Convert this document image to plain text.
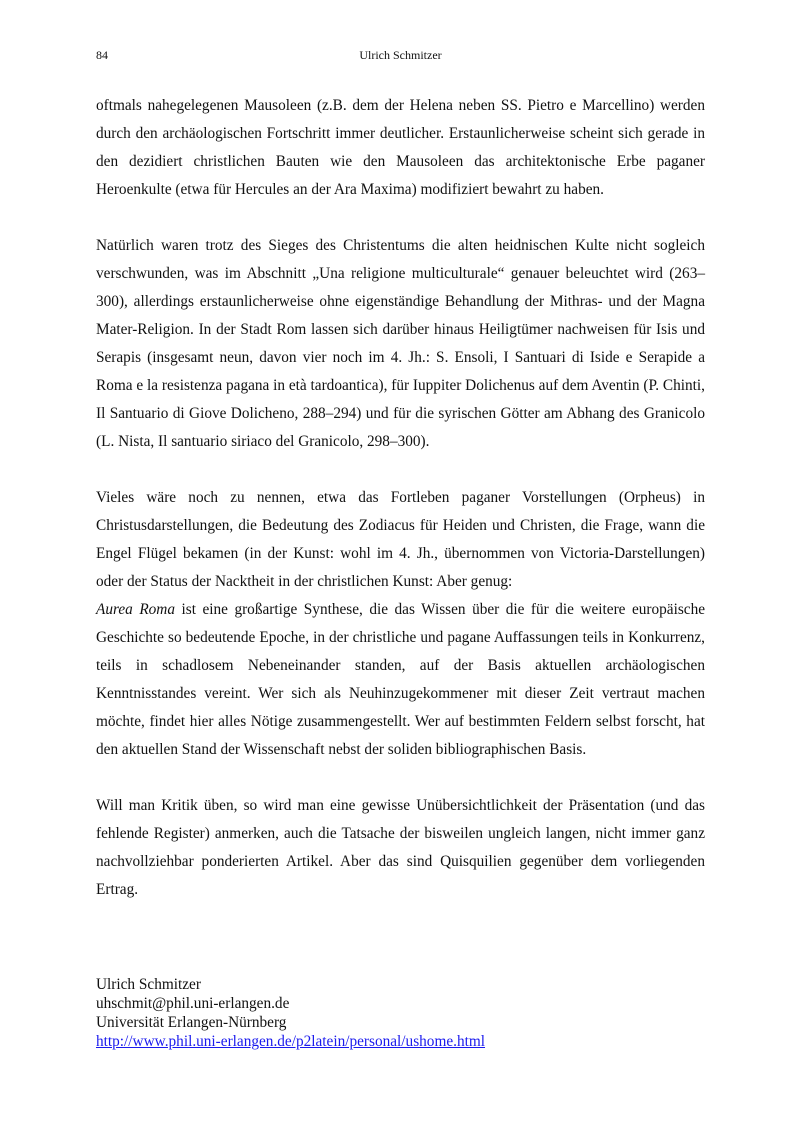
84	Ulrich Schmitzer

oftmals nahegelegenen Mausoleen (z.B. dem der Helena neben SS. Pietro e Marcellino) werden durch den archäologischen Fortschritt immer deutlicher. Erstaunlicherweise scheint sich gerade in den dezidiert christlichen Bauten wie den Mausoleen das architektonische Erbe paganer Heroenkulte (etwa für Hercules an der Ara Maxima) modifiziert bewahrt zu haben.

Natürlich waren trotz des Sieges des Christentums die alten heidnischen Kulte nicht sogleich verschwunden, was im Abschnitt „Una religione multiculturale“ genauer beleuchtet wird (263–300), allerdings erstaunlicherweise ohne eigenständige Behandlung der Mithras- und der Magna Mater-Religion. In der Stadt Rom lassen sich darüber hinaus Heiligtümer nachweisen für Isis und Serapis (insgesamt neun, davon vier noch im 4. Jh.: S. Ensoli, I Santuari di Iside e Serapide a Roma e la resistenza pagana in età tardoantica), für Iuppiter Dolichenus auf dem Aventin (P. Chinti, Il Santuario di Giove Dolicheno, 288–294) und für die syrischen Götter am Abhang des Granicolo (L. Nista, Il santuario siriaco del Granicolo, 298–300).

Vieles wäre noch zu nennen, etwa das Fortleben paganer Vorstellungen (Orpheus) in Christusdarstellungen, die Bedeutung des Zodiacus für Heiden und Christen, die Frage, wann die Engel Flügel bekamen (in der Kunst: wohl im 4. Jh., übernommen von Victoria-Darstellungen) oder der Status der Nacktheit in der christlichen Kunst: Aber genug:

Aurea Roma ist eine großartige Synthese, die das Wissen über die für die weitere europäische Geschichte so bedeutende Epoche, in der christliche und pagane Auffassungen teils in Konkurrenz, teils in schadlosem Nebeneinander standen, auf der Basis aktuellen archäologischen Kenntnisstandes vereint. Wer sich als Neuhinzugekommener mit dieser Zeit vertraut machen möchte, findet hier alles Nötige zusammengestellt. Wer auf bestimmten Feldern selbst forscht, hat den aktuellen Stand der Wissenschaft nebst der soliden bibliographischen Basis.

Will man Kritik üben, so wird man eine gewisse Unübersichtlichkeit der Präsentation (und das fehlende Register) anmerken, auch die Tatsache der bisweilen ungleich langen, nicht immer ganz nachvollziehbar ponderierten Artikel. Aber das sind Quisquilien gegenüber dem vorliegenden Ertrag.

Ulrich Schmitzer
uhschmit@phil.uni-erlangen.de
Universität Erlangen-Nürnberg
http://www.phil.uni-erlangen.de/p2latein/personal/ushome.html
